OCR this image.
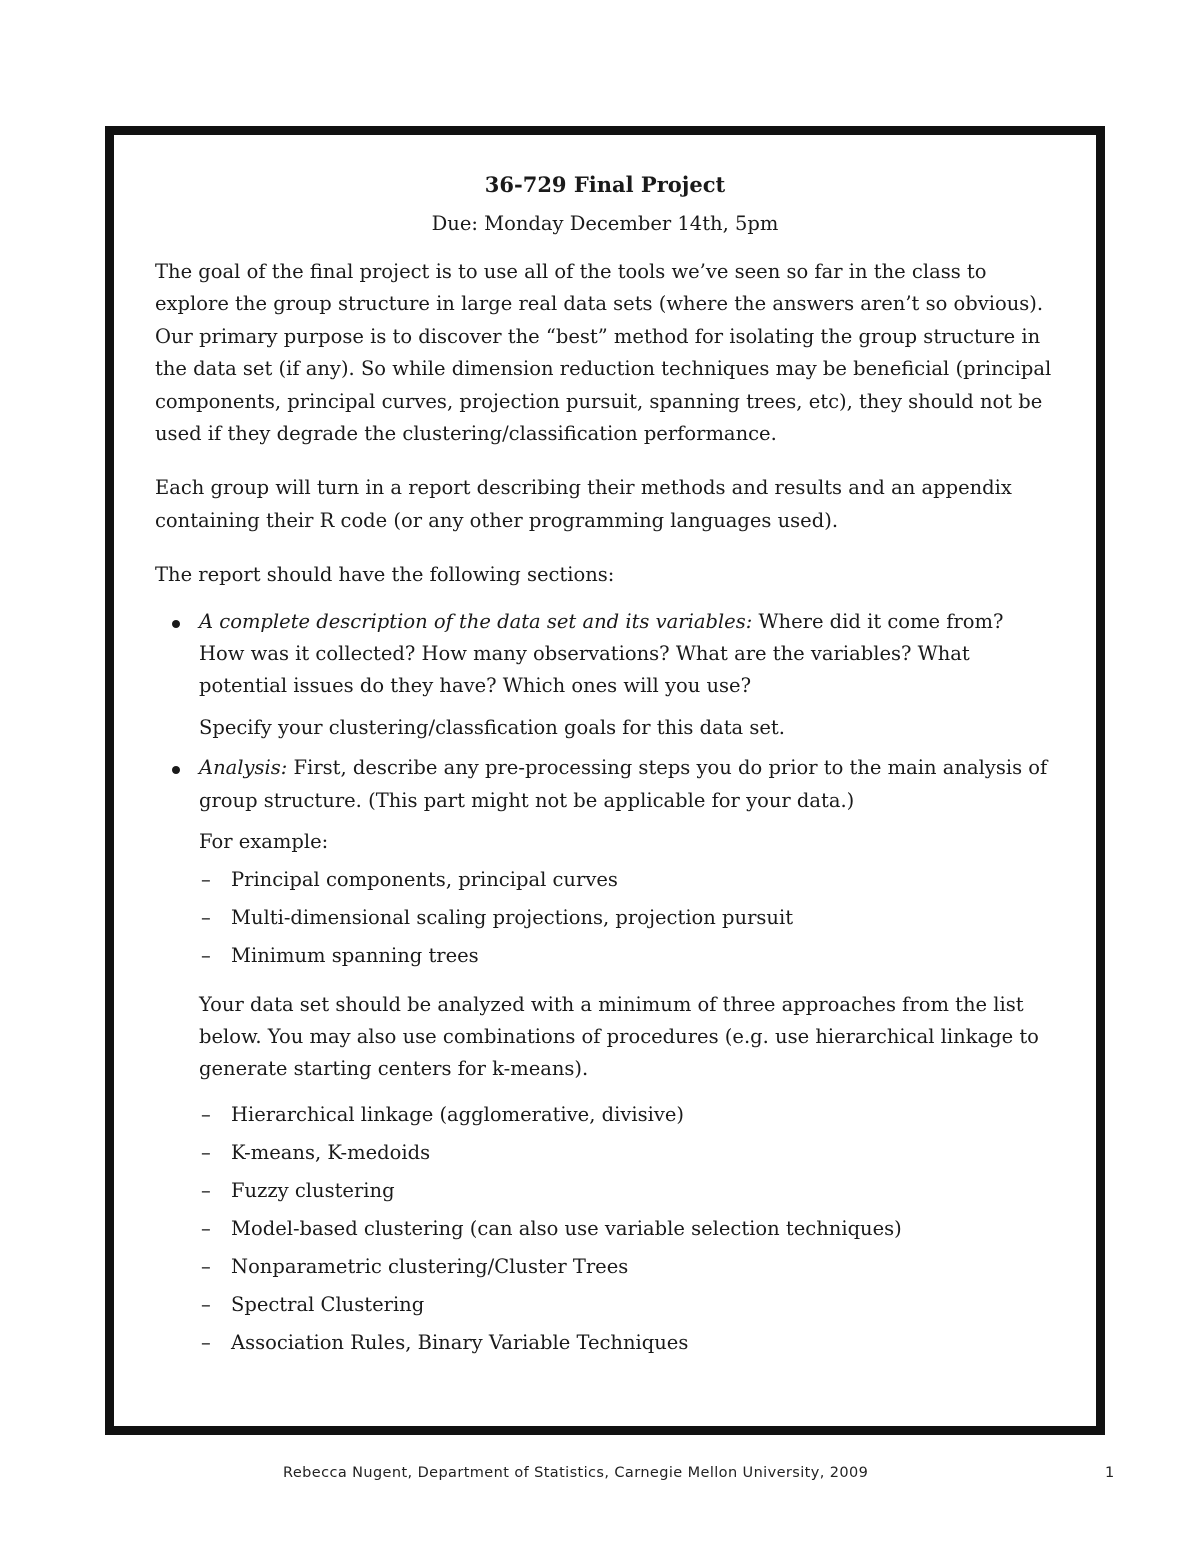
36-729 Final Project
Due: Monday December 14th, 5pm

The goal of the final project is to use all of the tools we’ve seen so far in the class to explore the group structure in large real data sets (where the answers aren’t so obvious). Our primary purpose is to discover the “best” method for isolating the group structure in the data set (if any). So while dimension reduction techniques may be beneficial (principal components, principal curves, projection pursuit, spanning trees, etc), they should not be used if they degrade the clustering/classification performance.

Each group will turn in a report describing their methods and results and an appendix containing their R code (or any other programming languages used).

The report should have the following sections:

A complete description of the data set and its variables: Where did it come from? How was it collected? How many observations? What are the variables? What potential issues do they have? Which ones will you use?

Specify your clustering/classfication goals for this data set.

Analysis: First, describe any pre-processing steps you do prior to the main analysis of group structure. (This part might not be applicable for your data.)

For example:

– Principal components, principal curves
– Multi-dimensional scaling projections, projection pursuit
– Minimum spanning trees

Your data set should be analyzed with a minimum of three approaches from the list below. You may also use combinations of procedures (e.g. use hierarchical linkage to generate starting centers for k-means).

– Hierarchical linkage (agglomerative, divisive)
– K-means, K-medoids
– Fuzzy clustering
– Model-based clustering (can also use variable selection techniques)
– Nonparametric clustering/Cluster Trees
– Spectral Clustering
– Association Rules, Binary Variable Techniques
Rebecca Nugent, Department of Statistics, Carnegie Mellon University, 2009	1
